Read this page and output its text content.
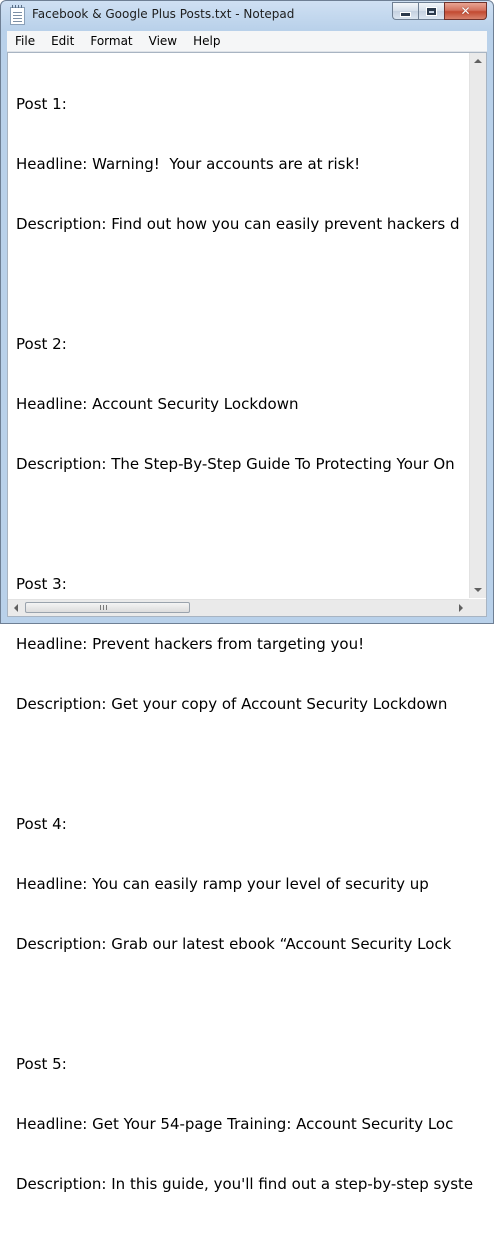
Facebook & Google Plus Posts.txt - Notepad	✕
File	Edit	Format	View	Help

Post 1:

Headline: Warning!  Your accounts are at risk!

Description: Find out how you can easily prevent hackers d

Post 2:

Headline: Account Security Lockdown

Description: The Step-By-Step Guide To Protecting Your On

Post 3:

Headline: Prevent hackers from targeting you!

Description: Get your copy of Account Security Lockdown

Post 4:

Headline: You can easily ramp your level of security up

Description: Grab our latest ebook “Account Security Lock

Post 5:

Headline: Get Your 54-page Training: Account Security Loc

Description: In this guide, you'll find out a step-by-step syste
